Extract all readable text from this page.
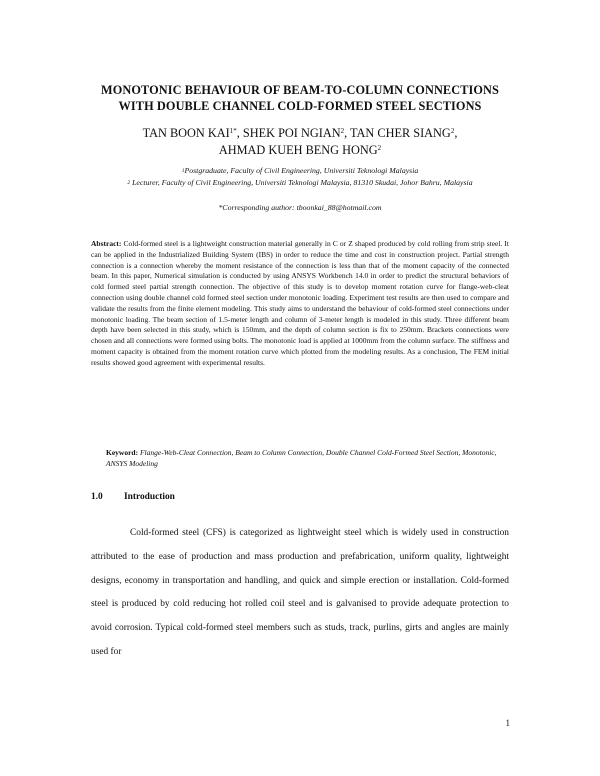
MONOTONIC BEHAVIOUR OF BEAM-TO-COLUMN CONNECTIONS
WITH DOUBLE CHANNEL COLD-FORMED STEEL SECTIONS
TAN BOON $KAI^{1*}$, SHEK POI NGIAN$^2$, TAN CHER SIANG$^2$,
AHMAD KUEH BENG HONG$^2$
$^1$Postgraduate, Faculty of Civil Engineering, Universiti Teknologi Malaysia
$^2$ Lecturer, Faculty of Civil Engineering, Universiti Teknologi Malaysia, 81310 Skudai, Johor Bahru, Malaysia
*Corresponding author: tboonkai_88@hotmail.com
Abstract: Cold-formed steel is a lightweight construction material generally in C or Z shaped produced by cold rolling from strip steel. It can be applied in the Industrialized Building System (IBS) in order to reduce the time and cost in construction project. Partial strength connection is a connection whereby the moment resistance of the connection is less than that of the moment capacity of the connected beam. In this paper, Numerical simulation is conducted by using ANSYS Workbench 14.0 in order to predict the structural behaviors of cold formed steel partial strength connection. The objective of this study is to develop moment rotation curve for flange-web-cleat connection using double channel cold formed steel section under monotonic loading. Experiment test results are then used to compare and validate the results from the finite element modeling. This study aims to understand the behaviour of cold-formed steel connections under monotonic loading. The beam section of 1.5-meter length and column of 3-meter length is modeled in this study. Three different beam depth have been selected in this study, which is 150mm, and the depth of column section is fix to 250mm. Brackets connections were chosen and all connections were formed using bolts. The monotonic load is applied at 1000mm from the column surface. The stiffness and moment capacity is obtained from the moment rotation curve which plotted from the modeling results. As a conclusion, The FEM initial results showed good agreement with experimental results.
Keyword: Flange-Web-Cleat Connection, Beam to Column Connection, Double Channel Cold-Formed Steel Section, Monotonic, ANSYS Modeling
1.0 Introduction
Cold-formed steel (CFS) is categorized as lightweight steel which is widely used in construction attributed to the ease of production and mass production and prefabrication, uniform quality, lightweight designs, economy in transportation and handling, and quick and simple erection or installation. Cold-formed steel is produced by cold reducing hot rolled coil steel and is galvanised to provide adequate protection to avoid corrosion. Typical cold-formed steel members such as studs, track, purlins, girts and angles are mainly used for
1
